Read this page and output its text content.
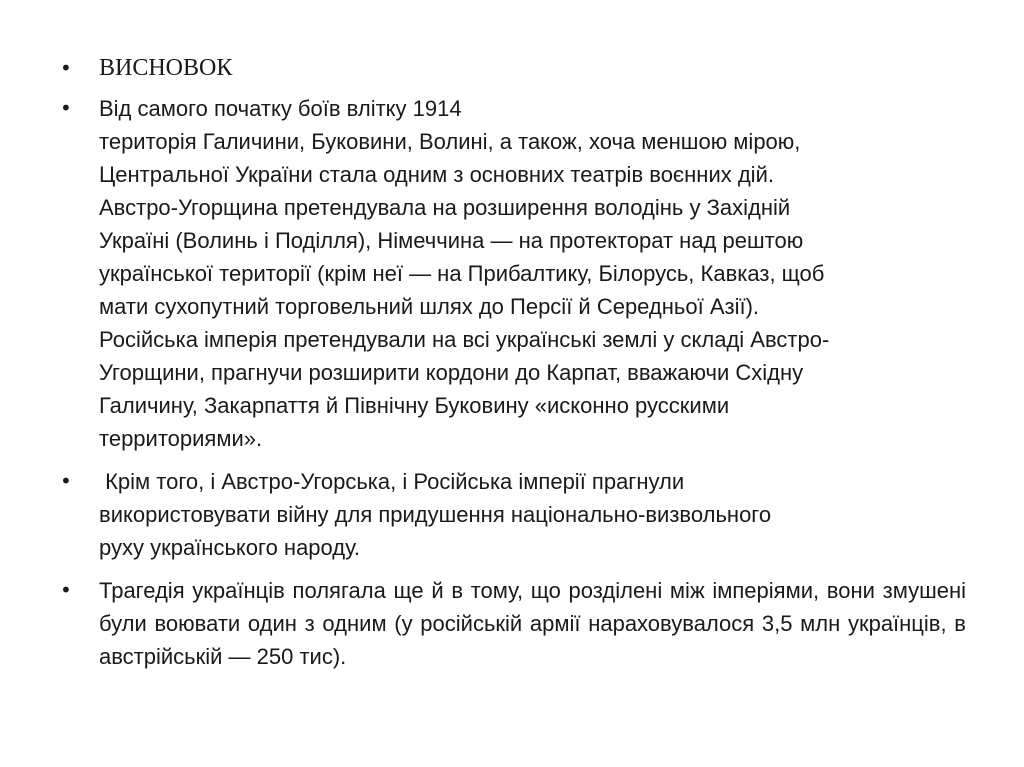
•	ВИСНОВОК
•	Від самого початку боїв влітку 1914
територія Галичини, Буковини, Волині, а також, хоча меншою мірою,
Центральної України стала одним з основних театрів воєнних дій.
Австро-Угорщина претендувала на розширення володінь у Західній
Україні (Волинь і Поділля), Німеччина — на протекторат над рештою
української території (крім неї — на Прибалтику, Білорусь, Кавказ, щоб
мати сухопутний торговельний шлях до Персії й Середньої Азії).
Російська імперія претендували на всі українські землі у складі Австро-
Угорщини, прагнучи розширити кордони до Карпат, вважаючи Східну
Галичину, Закарпаття й Північну Буковину «исконно русскими
территориями».
•	Крім того, і Австро-Угорська, і Російська імперії прагнули
використовувати війну для придушення національно-визвольного
руху українського народу.
•	Трагедія українців полягала ще й в тому, що розділені між імперіями, вони змушені були воювати один з одним (у російській армії нараховувалося 3,5 млн українців, в австрійській — 250 тис).
